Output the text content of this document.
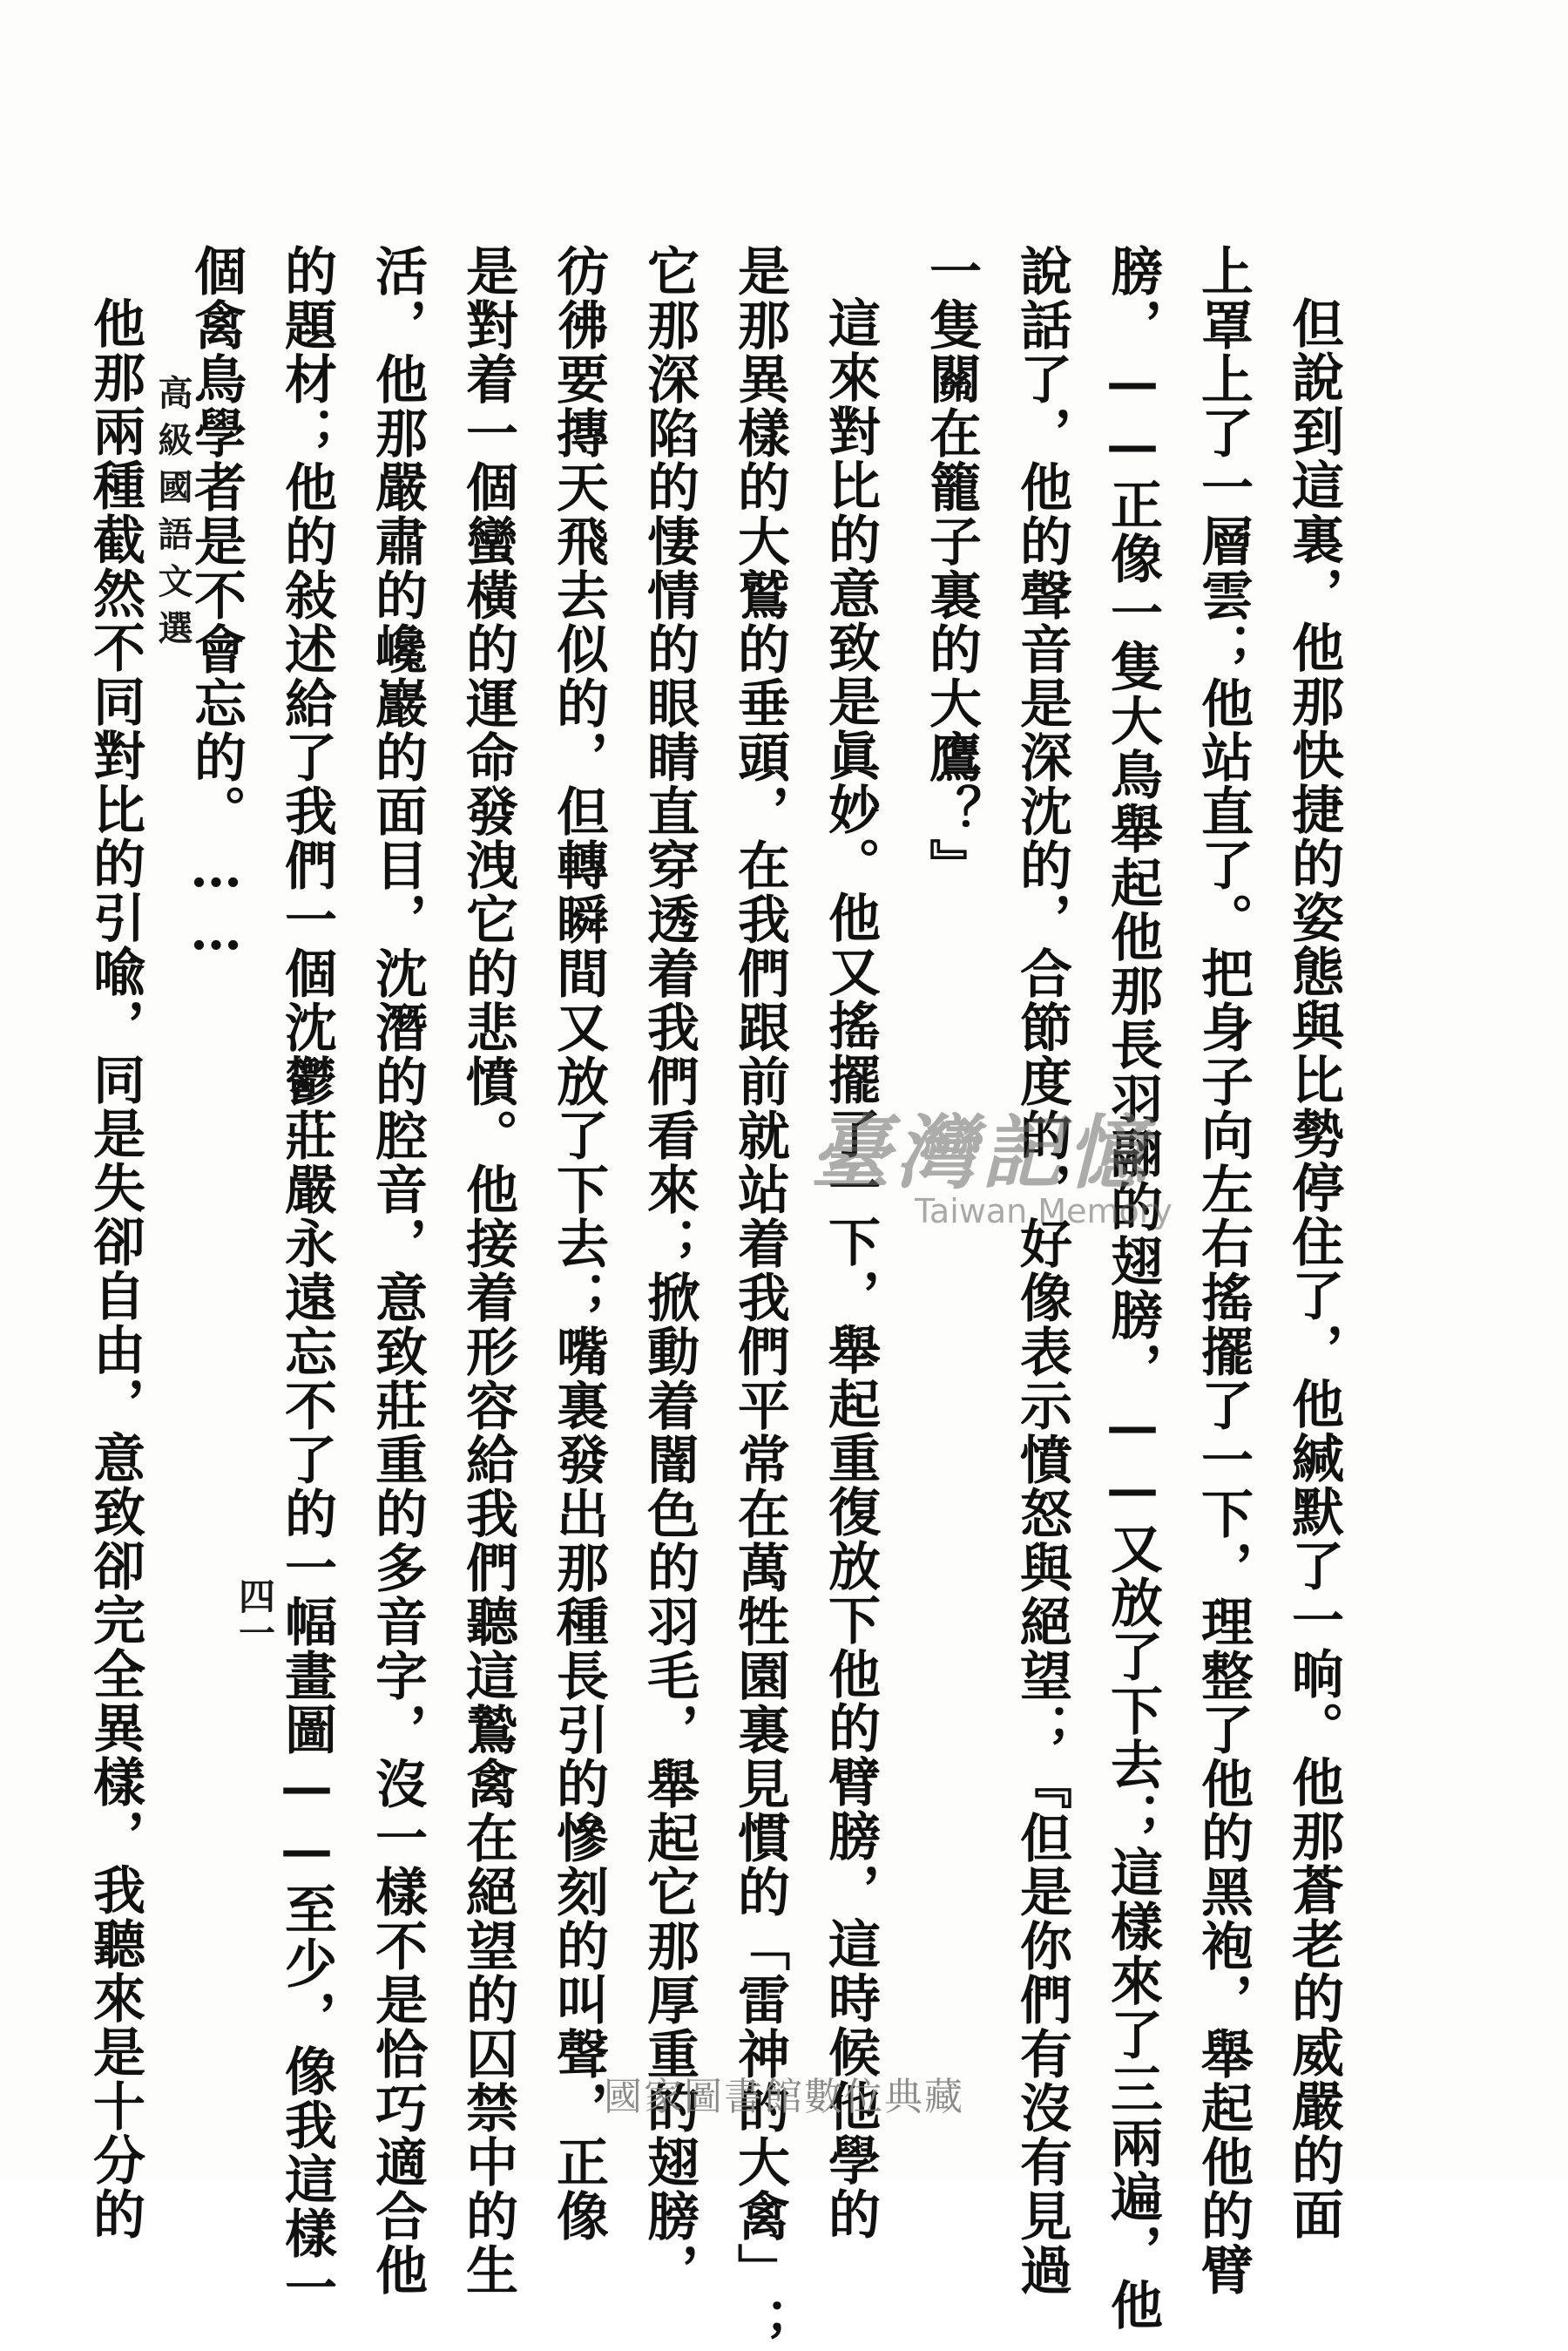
但說到這裏，他那快捷的姿態與比勢停住了，他緘默了一晌。他那蒼老的威嚴的面

上罩上了一層雲；他站直了。把身子向左右搖擺了一下，理整了他的黑袍，舉起他的臂

膀，——正像一隻大鳥舉起他那長羽翮的翅膀，——又放了下去；這樣來了三兩遍，他

說話了，他的聲音是深沈的，合節度的，好像表示憤怒與絕望；『但是你們有沒有見過

一隻關在籠子裏的大鷹？』

這來對比的意致是眞妙。他又搖擺了一下，舉起重復放下他的臂膀，這時候他學的

是那異樣的大鷲的垂頭，在我們跟前就站着我們平常在萬牲園裏見慣的「雷神的大禽」；

它那深陷的悽情的眼睛直穿透着我們看來；掀動着闇色的羽毛，舉起它那厚重的翅膀，

彷彿要摶天飛去似的，但轉瞬間又放了下去；嘴裏發出那種長引的慘刻的叫聲，正像

是對着一個蠻橫的運命發洩它的悲憤。他接着形容給我們聽這鷙禽在絕望的囚禁中的生

活，他那嚴肅的巉巖的面目，沈潛的腔音，意致莊重的多音字，沒一樣不是恰巧適合他

的題材；他的敍述給了我們一個沈鬱莊嚴永遠忘不了的一幅畫圖——至少，像我這樣一

個禽鳥學者是不會忘的。……

他那兩種截然不同對比的引喩，同是失卻自由，意致卻完全異樣，我聽來是十分的 高級國語文選
四一
臺灣記憶
Taiwan Memory
國家圖書館數位典藏
